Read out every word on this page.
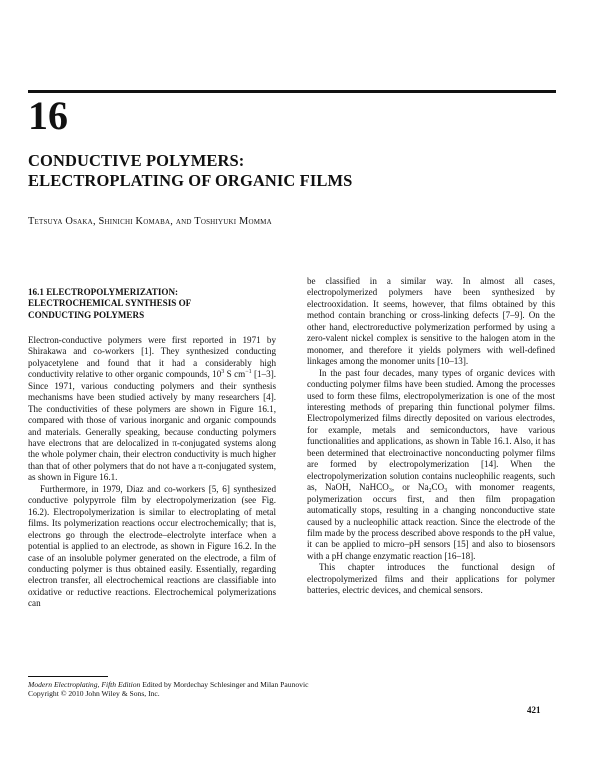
16
CONDUCTIVE POLYMERS:
ELECTROPLATING OF ORGANIC FILMS
Tetsuya Osaka, Shinichi Komaba, and Toshiyuki Momma
16.1 ELECTROPOLYMERIZATION:
ELECTROCHEMICAL SYNTHESIS OF
CONDUCTING POLYMERS

Electron-conductive polymers were first reported in 1971 by Shirakawa and co-workers [1]. They synthesized conducting polyacetylene and found that it had a considerably high conductivity relative to other organic compounds, $10^3$ S $cm^{-1}$ [1–3]. Since 1971, various conducting polymers and their synthesis mechanisms have been studied actively by many researchers [4]. The conductivities of these polymers are shown in Figure 16.1, compared with those of various inorganic and organic compounds and materials. Generally speaking, because conducting polymers have electrons that are delocalized in π-conjugated systems along the whole polymer chain, their electron conductivity is much higher than that of other polymers that do not have a π-conjugated system, as shown in Figure 16.1.

Furthermore, in 1979, Diaz and co-workers [5, 6] synthesized conductive polypyrrole film by electropolymerization (see Fig. 16.2). Electropolymerization is similar to electroplating of metal films. Its polymerization reactions occur electrochemically; that is, electrons go through the electrode–electrolyte interface when a potential is applied to an electrode, as shown in Figure 16.2. In the case of an insoluble polymer generated on the electrode, a film of conducting polymer is thus obtained easily. Essentially, regarding electron transfer, all electrochemical reactions are classifiable into oxidative or reductive reactions. Electrochemical polymerizations can

be classified in a similar way. In almost all cases, electropolymerized polymers have been synthesized by electrooxidation. It seems, however, that films obtained by this method contain branching or cross-linking defects [7–9]. On the other hand, electroreductive polymerization performed by using a zero-valent nickel complex is sensitive to the halogen atom in the monomer, and therefore it yields polymers with well-defined linkages among the monomer units [10–13].

In the past four decades, many types of organic devices with conducting polymer films have been studied. Among the processes used to form these films, electropolymerization is one of the most interesting methods of preparing thin functional polymer films. Electropolymerized films directly deposited on various electrodes, for example, metals and semiconductors, have various functionalities and applications, as shown in Table 16.1. Also, it has been determined that electroinactive nonconducting polymer films are formed by electropolymerization [14]. When the electropolymerization solution contains nucleophilic reagents, such as, NaOH, NaHCO$_3$, or $Na_2CO_3$ with monomer reagents, polymerization occurs first, and then film propagation automatically stops, resulting in a changing nonconductive state caused by a nucleophilic attack reaction. Since the electrode of the film made by the process described above responds to the pH value, it can be applied to micro–pH sensors [15] and also to biosensors with a pH change enzymatic reaction [16–18].

This chapter introduces the functional design of electropolymerized films and their applications for polymer batteries, electric devices, and chemical sensors.

Modern Electroplating, Fifth Edition Edited by Mordechay Schlesinger and Milan Paunovic
Copyright © 2010 John Wiley & Sons, Inc.
421
